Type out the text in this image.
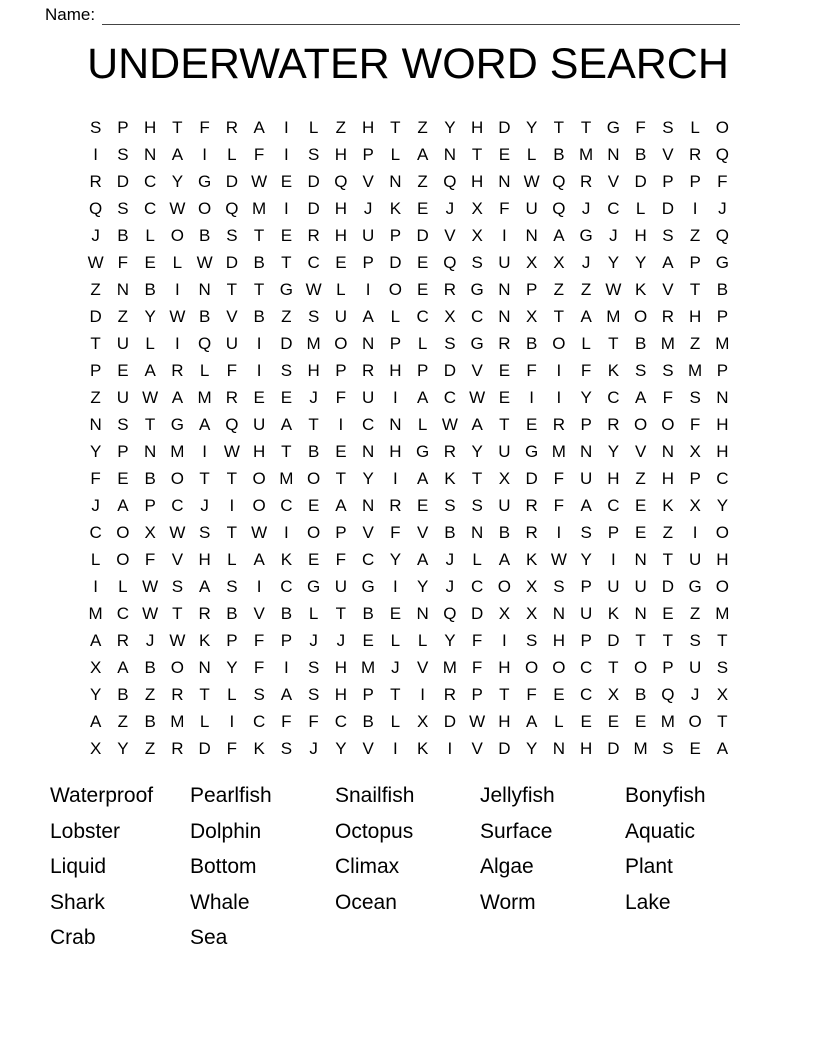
Name:
UNDERWATER WORD SEARCH
S P H T F R A	I	L	Z H T Z Y H D Y T T G F S L O
I	S N A	I	L	F	I	S H P L A N T E L B M N B V R Q
R D C Y G D W E D Q V N Z Q H N W Q R V D P P F
Q S C W O Q M	I	D H J	K E	J	X F U Q J C L D	I	J
J	B L O B S T E R H U P D V X	I	N A G J H S Z Q
W F E L W D B T C E P D E Q S U X X	J	Y Y A P G
Z N B	I	N T T G W L	I	O E R G N P Z Z W K V T B
D Z Y W B V B Z S U A L C X C N X T A M O R H P
T U L	I	Q U	I	D M O N P L S G R B O L	T B M Z M
P E A R L	F	I	S H P R H P D V E F	I	F K S S M P
Z U W A M R E E	J	F U	I	A C W E	I	I	Y C A F S N
N S T G A Q U A T	I	C N L W A T E R P R O O F H
Y P N M	I W H T B E N H G R Y U G M N Y V N X H
F E B O T T O M O T Y	I	A K T X D F U H Z H P C
J	A P C J	I	O C E A N R E S S U R F A C E K X Y
C O X W S T W I	O P V F V B N B R	I	S P E Z	I	O
L O F V H L A K E F C Y A	J	L A K W Y	I	N T U H
I	L W S A S	I	C G U G	I	Y	J C O X S P U U D G O
M C W T R B V B L	T B E N Q D X X N U K N E Z M
A R J W K P F P	J	J	E L	L Y F	I	S H P D T T S T
X A B O N Y F	I	S H M J	V M F H O O C T O P U S
Y B Z R T	L S A S H P T	I	R P T F E C X B Q J	X
A Z B M L	I	C F F C B L X D W H A L E E E M O T
X Y Z R D F K S	J	Y V	I	K	I	V D Y N H D M S E A
Waterproof
Lobster
Liquid
Shark
Crab
Pearlfish
Dolphin
Bottom
Whale
Sea
Snailfish
Octopus
Climax
Ocean
Jellyfish
Surface
Algae
Worm
Bonyfish
Aquatic
Plant
Lake
